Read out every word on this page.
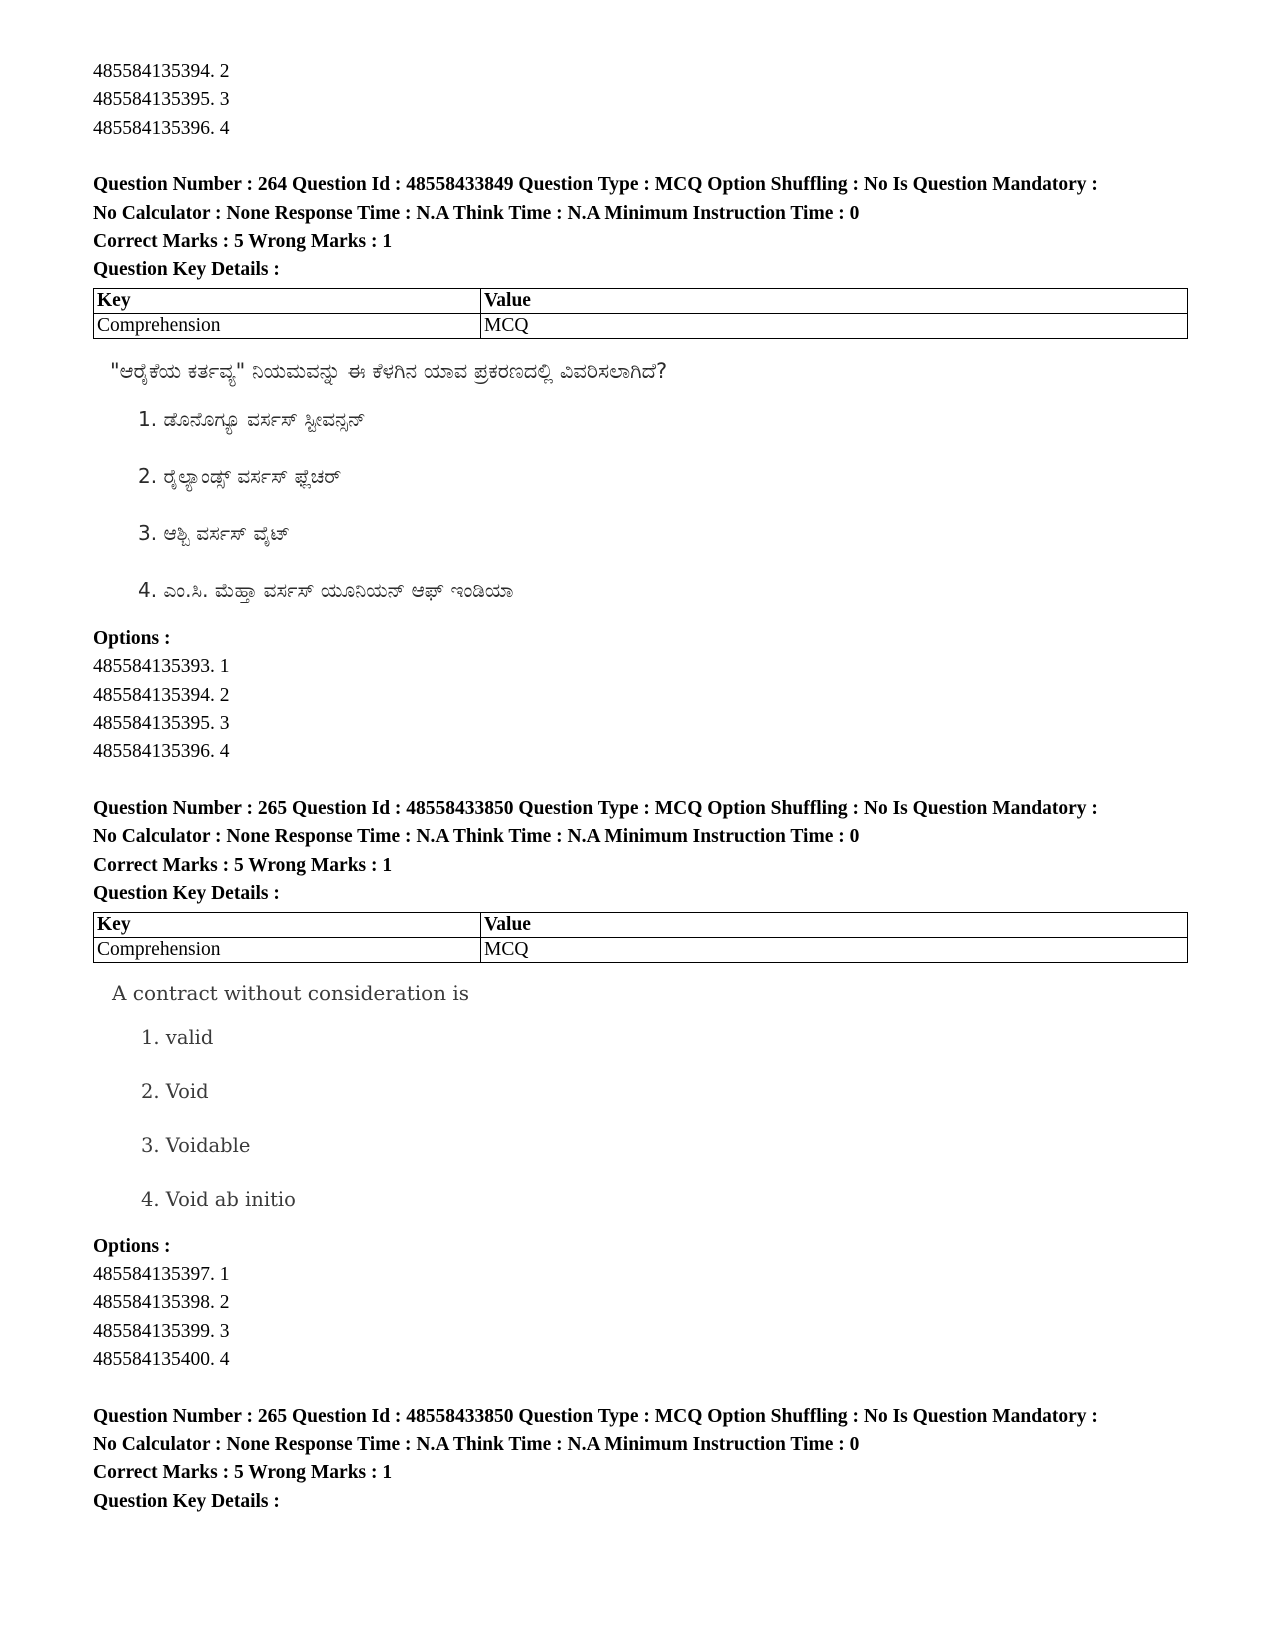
485584135394. 2
485584135395. 3
485584135396. 4
Question Number : 264 Question Id : 48558433849 Question Type : MCQ Option Shuffling : No Is Question Mandatory :
No Calculator : None Response Time : N.A Think Time : N.A Minimum Instruction Time : 0
Correct Marks : 5 Wrong Marks : 1
Question Key Details :
Key	Value
Comprehension	MCQ
"ಆರೈಕೆಯ ಕರ್ತವ್ಯ" ನಿಯಮವನ್ನು ಈ ಕೆಳಗಿನ ಯಾವ ಪ್ರಕರಣದಲ್ಲಿ ವಿವರಿಸಲಾಗಿದೆ?
1. ಡೊನೊಗ್ಯೂ ವರ್ಸಸ್ ಸ್ಟೀವನ್ಸನ್
2. ರೈಲ್ಯಾಂಡ್ಸ್ ವರ್ಸಸ್ ಫ್ಲೆಚರ್
3. ಆಶ್ಬಿ ವರ್ಸಸ್ ವೈಟ್
4. ಎಂ.ಸಿ. ಮೆಹ್ತಾ ವರ್ಸಸ್ ಯೂನಿಯನ್ ಆಫ್ ಇಂಡಿಯಾ
Options :
485584135393. 1
485584135394. 2
485584135395. 3
485584135396. 4
Question Number : 265 Question Id : 48558433850 Question Type : MCQ Option Shuffling : No Is Question Mandatory :
No Calculator : None Response Time : N.A Think Time : N.A Minimum Instruction Time : 0
Correct Marks : 5 Wrong Marks : 1
Question Key Details :
Key	Value
Comprehension	MCQ
A contract without consideration is
1. valid
2. Void
3. Voidable
4. Void ab initio
Options :
485584135397. 1
485584135398. 2
485584135399. 3
485584135400. 4
Question Number : 265 Question Id : 48558433850 Question Type : MCQ Option Shuffling : No Is Question Mandatory :
No Calculator : None Response Time : N.A Think Time : N.A Minimum Instruction Time : 0
Correct Marks : 5 Wrong Marks : 1
Question Key Details :
